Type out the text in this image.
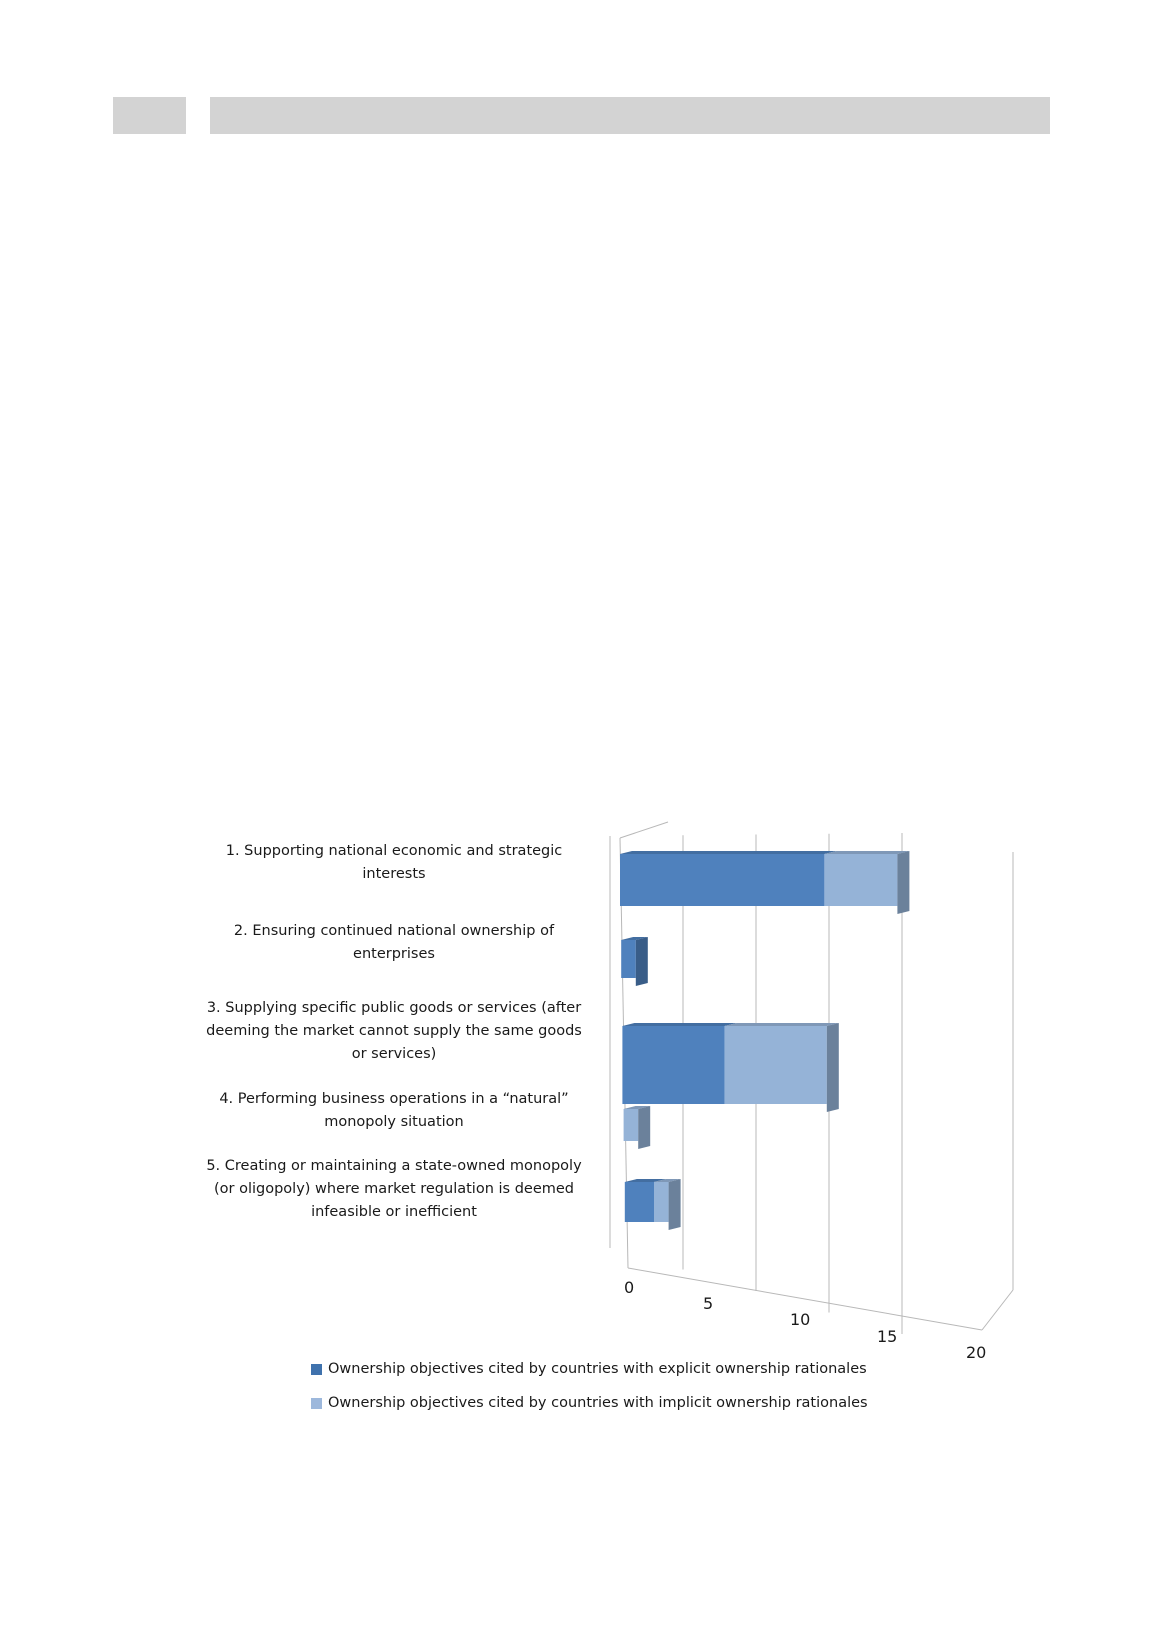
1. Supporting national economic and strategic
interests
2. Ensuring continued national ownership of
enterprises
3. Supplying specific public goods or services (after
deeming the market cannot supply the same goods
or services)
4. Performing business operations in a “natural”
monopoly situation
5. Creating or maintaining a state-owned monopoly
(or oligopoly) where market regulation is deemed
infeasible or inefficient
0
5
10
15
20
Ownership objectives cited by countries with explicit ownership rationales
Ownership objectives cited by countries with implicit ownership rationales
